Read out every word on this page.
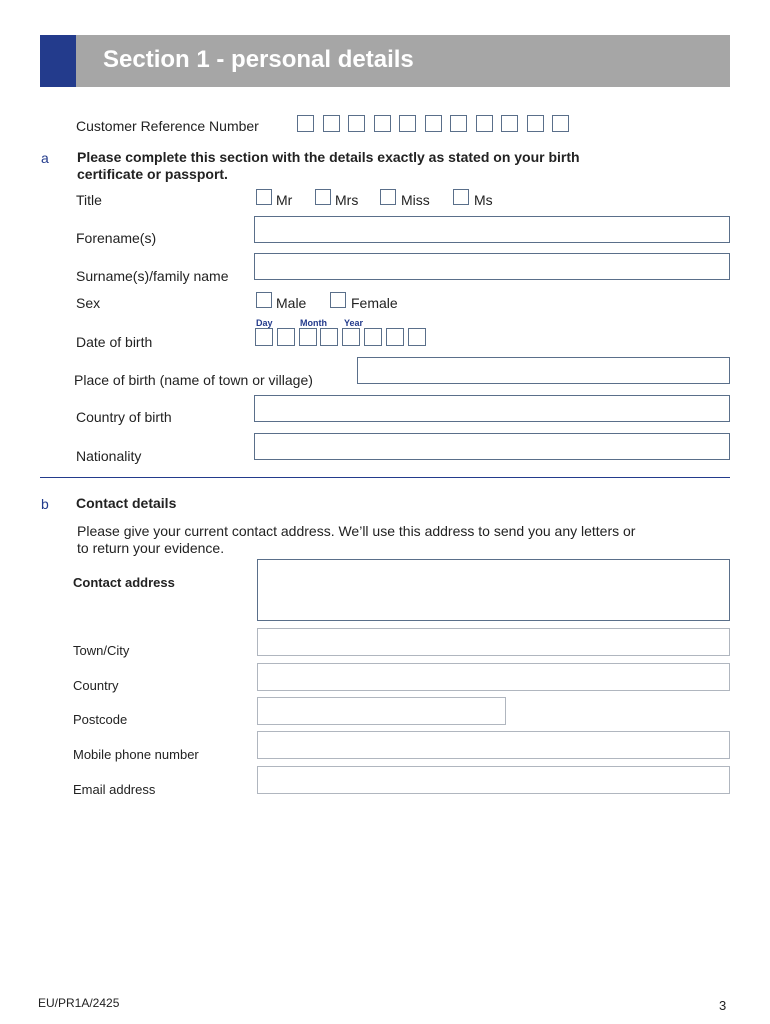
Section 1 - personal details
Customer Reference Number
a Please complete this section with the details exactly as stated on your birth
certificate or passport.
Title	Mr	Mrs	Miss	Ms
Forename(s)
Surname(s)/family name
Sex	Male	Female
Day	Month Year
Date of birth
Place of birth (name of town or village)
Country of birth
Nationality
b Contact details
Please give your current contact address. We’ll use this address to send you any letters or
to return your evidence.
Contact address
Town/City
Country
Postcode
Mobile phone number
Email address
EU/PR1A/2425	3
